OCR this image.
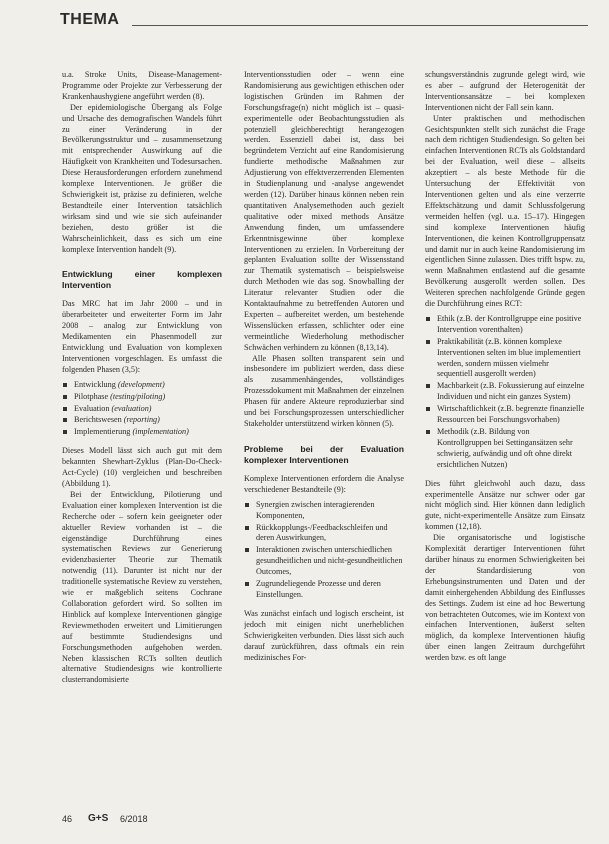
THEMA

u.a. Stroke Units, Disease-Management-Programme oder Projekte zur Verbesserung der Krankenhaushygiene angeführt werden (8).

Der epidemiologische Übergang als Folge und Ursache des demografischen Wandels führt zu einer Veränderung in der Bevölkerungsstruktur und – zusammensetzung mit entsprechender Auswirkung auf die Häufigkeit von Krankheiten und Todesursachen. Diese Herausforderungen erfordern zunehmend komplexe Interventionen. Je größer die Schwierigkeit ist, präzise zu definieren, welche Bestandteile einer Intervention tatsächlich wirksam sind und wie sie sich aufeinander beziehen, desto größer ist die Wahrscheinlichkeit, dass es sich um eine komplexe Intervention handelt (9).

Entwicklung einer komplexen Intervention

Das MRC hat im Jahr 2000 – und in überarbeiteter und erweiterter Form im Jahr 2008 – analog zur Entwicklung von Medikamenten ein Phasenmodell zur Entwicklung und Evaluation von komplexen Interventionen vorgeschlagen. Es umfasst die folgenden Phasen (3,5):

Entwicklung (development)
Pilotphase (testing/piloting)
Evaluation (evaluation)
Berichtswesen (reporting)
Implementierung (implementation)

Dieses Modell lässt sich auch gut mit dem bekannten Shewhart-Zyklus (Plan-Do-Check-Act-Cycle) (10) vergleichen und beschreiben (Abbildung 1).

Bei der Entwicklung, Pilotierung und Evaluation einer komplexen Intervention ist die Recherche oder – sofern kein geeigneter oder aktueller Review vorhanden ist – die eigenständige Durchführung eines systematischen Reviews zur Generierung evidenzbasierter Theorie zur Thematik notwendig (11). Darunter ist nicht nur der traditionelle systematische Review zu verstehen, wie er maßgeblich seitens Cochrane Collaboration gefordert wird. So sollten im Hinblick auf komplexe Interventionen gängige Reviewmethoden erweitert und Limitierungen auf bestimmte Studiendesigns und Forschungsmethoden aufgehoben werden. Neben klassischen RCTs sollten deutlich alternative Studiendesigns wie kontrollierte clusterrandomisierte

Interventionsstudien oder – wenn eine Randomisierung aus gewichtigen ethischen oder logistischen Gründen im Rahmen der Forschungsfrage(n) nicht möglich ist – quasi-experimentelle oder Beobachtungsstudien als potenziell gleichberechtigt herangezogen werden. Essenziell dabei ist, dass bei begründetem Verzicht auf eine Randomisierung fundierte methodische Maßnahmen zur Adjustierung von effektverzerrenden Elementen in Studienplanung und -analyse angewendet werden (12). Darüber hinaus können neben rein quantitativen Analysemethoden auch gezielt qualitative oder mixed methods Ansätze Anwendung finden, um umfassendere Erkenntnisgewinne über komplexe Interventionen zu erzielen. In Vorbereitung der geplanten Evaluation sollte der Wissensstand zur Thematik systematisch – beispielsweise durch Methoden wie das sog. Snowballing der Literatur relevanter Studien oder die Kontaktaufnahme zu betreffenden Autoren und Experten – aufbereitet werden, um bestehende Wissenslücken erfassen, schlichter oder eine vermeintliche Wiederholung methodischer Schwächen verhindern zu können (8,13,14).

Alle Phasen sollten transparent sein und insbesondere im publiziert werden, dass diese als zusammenhängendes, vollständiges Prozessdokument mit Maßnahmen der einzelnen Phasen für andere Akteure reproduzierbar sind und bei Forschungsprozessen unterschiedlicher Stakeholder unterstützend wirken können (5).

Probleme bei der Evaluation komplexer Interventionen

Komplexe Interventionen erfordern die Analyse verschiedener Bestandteile (9):

Synergien zwischen interagierenden Komponenten,
Rückkopplungs-/Feedbackschleifen und deren Auswirkungen,
Interaktionen zwischen unterschiedlichen gesundheitlichen und nicht-gesundheitlichen Outcomes,
Zugrundeliegende Prozesse und deren Einstellungen.

Was zunächst einfach und logisch erscheint, ist jedoch mit einigen nicht unerheblichen Schwierigkeiten verbunden. Dies lässt sich auch darauf zurückführen, dass oftmals ein rein medizinisches For-

schungsverständnis zugrunde gelegt wird, wie es aber – aufgrund der Heterogenität der Interventionsansätze – bei komplexen Interventionen nicht der Fall sein kann.

Unter praktischen und methodischen Gesichtspunkten stellt sich zunächst die Frage nach dem richtigen Studiendesign. So gelten bei einfachen Interventionen RCTs als Goldstandard bei der Evaluation, weil diese – allseits akzeptiert – als beste Methode für die Untersuchung der Effektivität von Interventionen gelten und als eine verzerrte Effektschätzung und damit Schlussfolgerung vermeiden helfen (vgl. u.a. 15–17). Hingegen sind komplexe Interventionen häufig Interventionen, die keinen Kontrollgruppensatz und damit nur in auch keine Randomisierung im eigentlichen Sinne zulassen. Dies trifft bspw. zu, wenn Maßnahmen entlastend auf die gesamte Bevölkerung ausgerollt werden sollen. Des Weiteren sprechen nachfolgende Gründe gegen die Durchführung eines RCT:

Ethik (z.B. der Kontrollgruppe eine positive Intervention vorenthalten)
Praktikabilität (z.B. können komplexe Interventionen selten im blue implementiert werden, sondern müssen vielmehr sequentiell ausgerollt werden)
Machbarkeit (z.B. Fokussierung auf einzelne Individuen und nicht ein ganzes System)
Wirtschaftlichkeit (z.B. begrenzte finanzielle Ressourcen bei Forschungsvorhaben)
Methodik (z.B. Bildung von Kontrollgruppen bei Settingansätzen sehr schwierig, aufwändig und oft ohne direkt ersichtlichen Nutzen)

Dies führt gleichwohl auch dazu, dass experimentelle Ansätze nur schwer oder gar nicht möglich sind. Hier können dann lediglich gute, nicht-experimentelle Ansätze zum Einsatz kommen (12,18).

Die organisatorische und logistische Komplexität derartiger Interventionen führt darüber hinaus zu enormen Schwierigkeiten bei der Standardisierung von Erhebungsinstrumenten und Daten und der damit einhergehenden Abbildung des Einflusses des Settings. Zudem ist eine ad hoc Bewertung von betrachteten Outcomes, wie im Kontext von einfachen Interventionen, äußerst selten möglich, da komplexe Interventionen häufig über einen langen Zeitraum durchgeführt werden bzw. es oft lange

46 G+S 6/2018
